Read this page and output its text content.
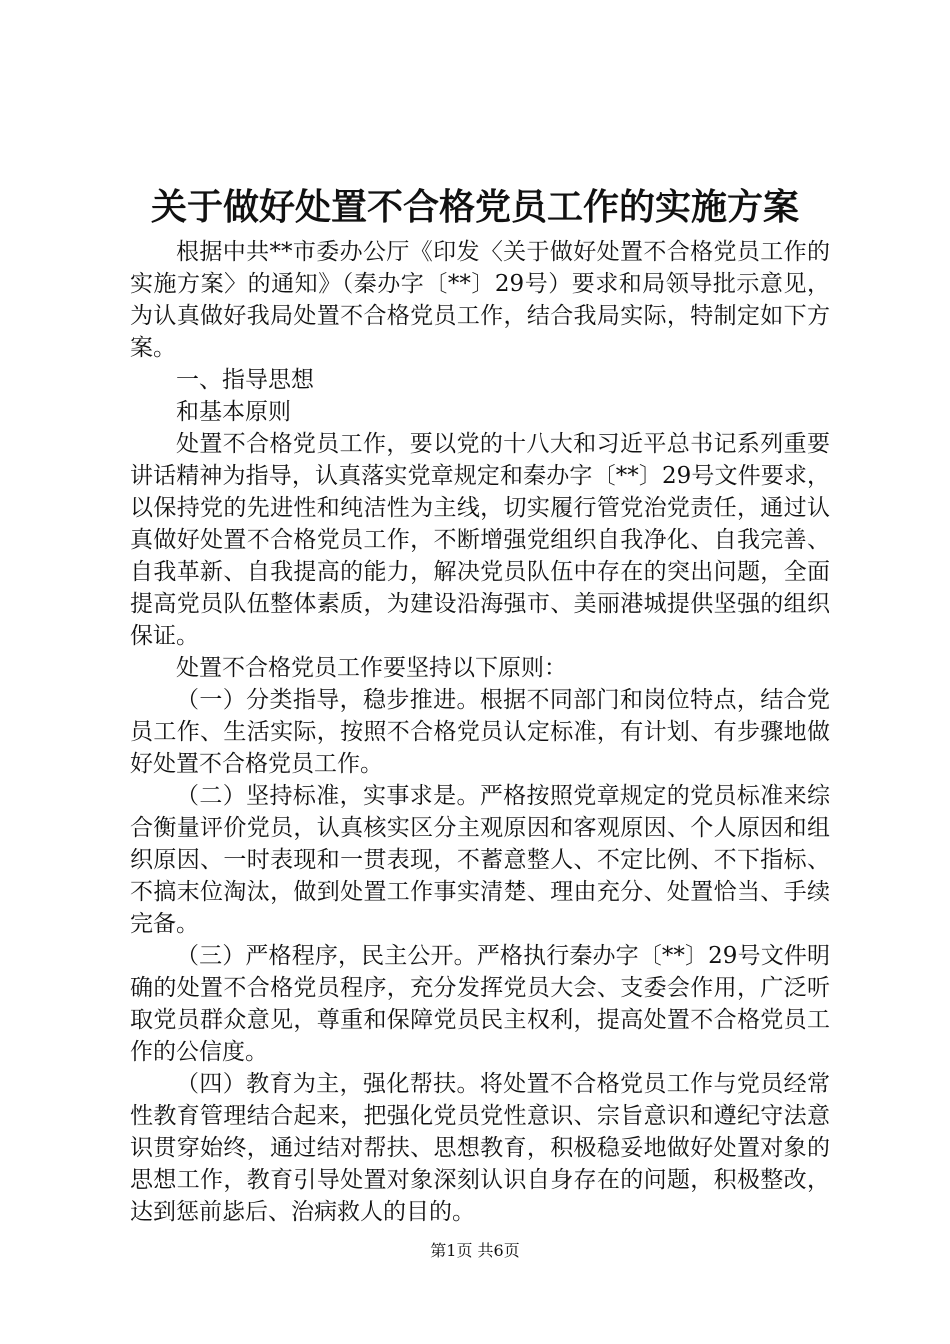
关于做好处置不合格党员工作的实施方案

根据中共**市委办公厅《印发〈关于做好处置不合格党员工作的实施方案〉的通知》（秦办字〔**〕29号）要求和局领导批示意见，为认真做好我局处置不合格党员工作，结合我局实际，特制定如下方案。

一、指导思想

和基本原则

处置不合格党员工作，要以党的十八大和习近平总书记系列重要讲话精神为指导，认真落实党章规定和秦办字〔**〕29号文件要求，以保持党的先进性和纯洁性为主线，切实履行管党治党责任，通过认真做好处置不合格党员工作，不断增强党组织自我净化、自我完善、自我革新、自我提高的能力，解决党员队伍中存在的突出问题，全面提高党员队伍整体素质，为建设沿海强市、美丽港城提供坚强的组织保证。

处置不合格党员工作要坚持以下原则：

（一）分类指导，稳步推进。根据不同部门和岗位特点，结合党员工作、生活实际，按照不合格党员认定标准，有计划、有步骤地做好处置不合格党员工作。

（二）坚持标准，实事求是。严格按照党章规定的党员标准来综合衡量评价党员，认真核实区分主观原因和客观原因、个人原因和组织原因、一时表现和一贯表现，不蓄意整人、不定比例、不下指标、不搞末位淘汰，做到处置工作事实清楚、理由充分、处置恰当、手续完备。

（三）严格程序，民主公开。严格执行秦办字〔**〕29号文件明确的处置不合格党员程序，充分发挥党员大会、支委会作用，广泛听取党员群众意见，尊重和保障党员民主权利，提高处置不合格党员工作的公信度。

（四）教育为主，强化帮扶。将处置不合格党员工作与党员经常性教育管理结合起来，把强化党员党性意识、宗旨意识和遵纪守法意识贯穿始终，通过结对帮扶、思想教育，积极稳妥地做好处置对象的思想工作，教育引导处置对象深刻认识自身存在的问题，积极整改，达到惩前毖后、治病救人的目的。

第1页 共6页
